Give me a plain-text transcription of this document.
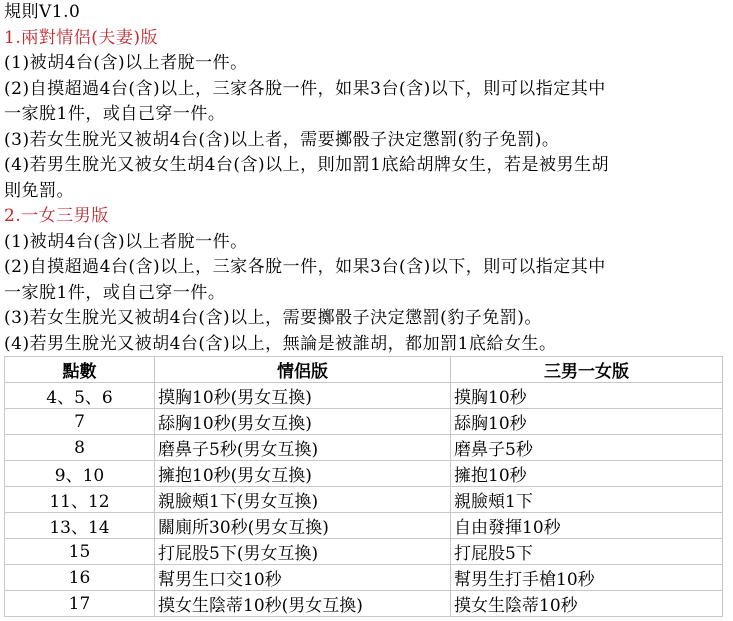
規則V1.0
1.兩對情侶(夫妻)版
(1)被胡4台(含)以上者脫一件。
(2)自摸超過4台(含)以上，三家各脫一件，如果3台(含)以下，則可以指定其中
一家脫1件，或自己穿一件。
(3)若女生脫光又被胡4台(含)以上者，需要擲骰子決定懲罰(豹子免罰)。
(4)若男生脫光又被女生胡4台(含)以上，則加罰1底給胡牌女生，若是被男生胡
則免罰。
2.一女三男版
(1)被胡4台(含)以上者脫一件。
(2)自摸超過4台(含)以上，三家各脫一件，如果3台(含)以下，則可以指定其中
一家脫1件，或自己穿一件。
(3)若女生脫光又被胡4台(含)以上，需要擲骰子決定懲罰(豹子免罰)。
(4)若男生脫光又被胡4台(含)以上，無論是被誰胡，都加罰1底給女生。
點數	情侶版	三男一女版
4、5、6	摸胸10秒(男女互換)	摸胸10秒
7	舔胸10秒(男女互換)	舔胸10秒
8	磨鼻子5秒(男女互換)	磨鼻子5秒
9、10	擁抱10秒(男女互換)	擁抱10秒
11、12	親臉頰1下(男女互換)	親臉頰1下
13、14	關廁所30秒(男女互換)	自由發揮10秒
15	打屁股5下(男女互換)	打屁股5下
16	幫男生口交10秒	幫男生打手槍10秒
17	摸女生陰蒂10秒(男女互換)	摸女生陰蒂10秒
